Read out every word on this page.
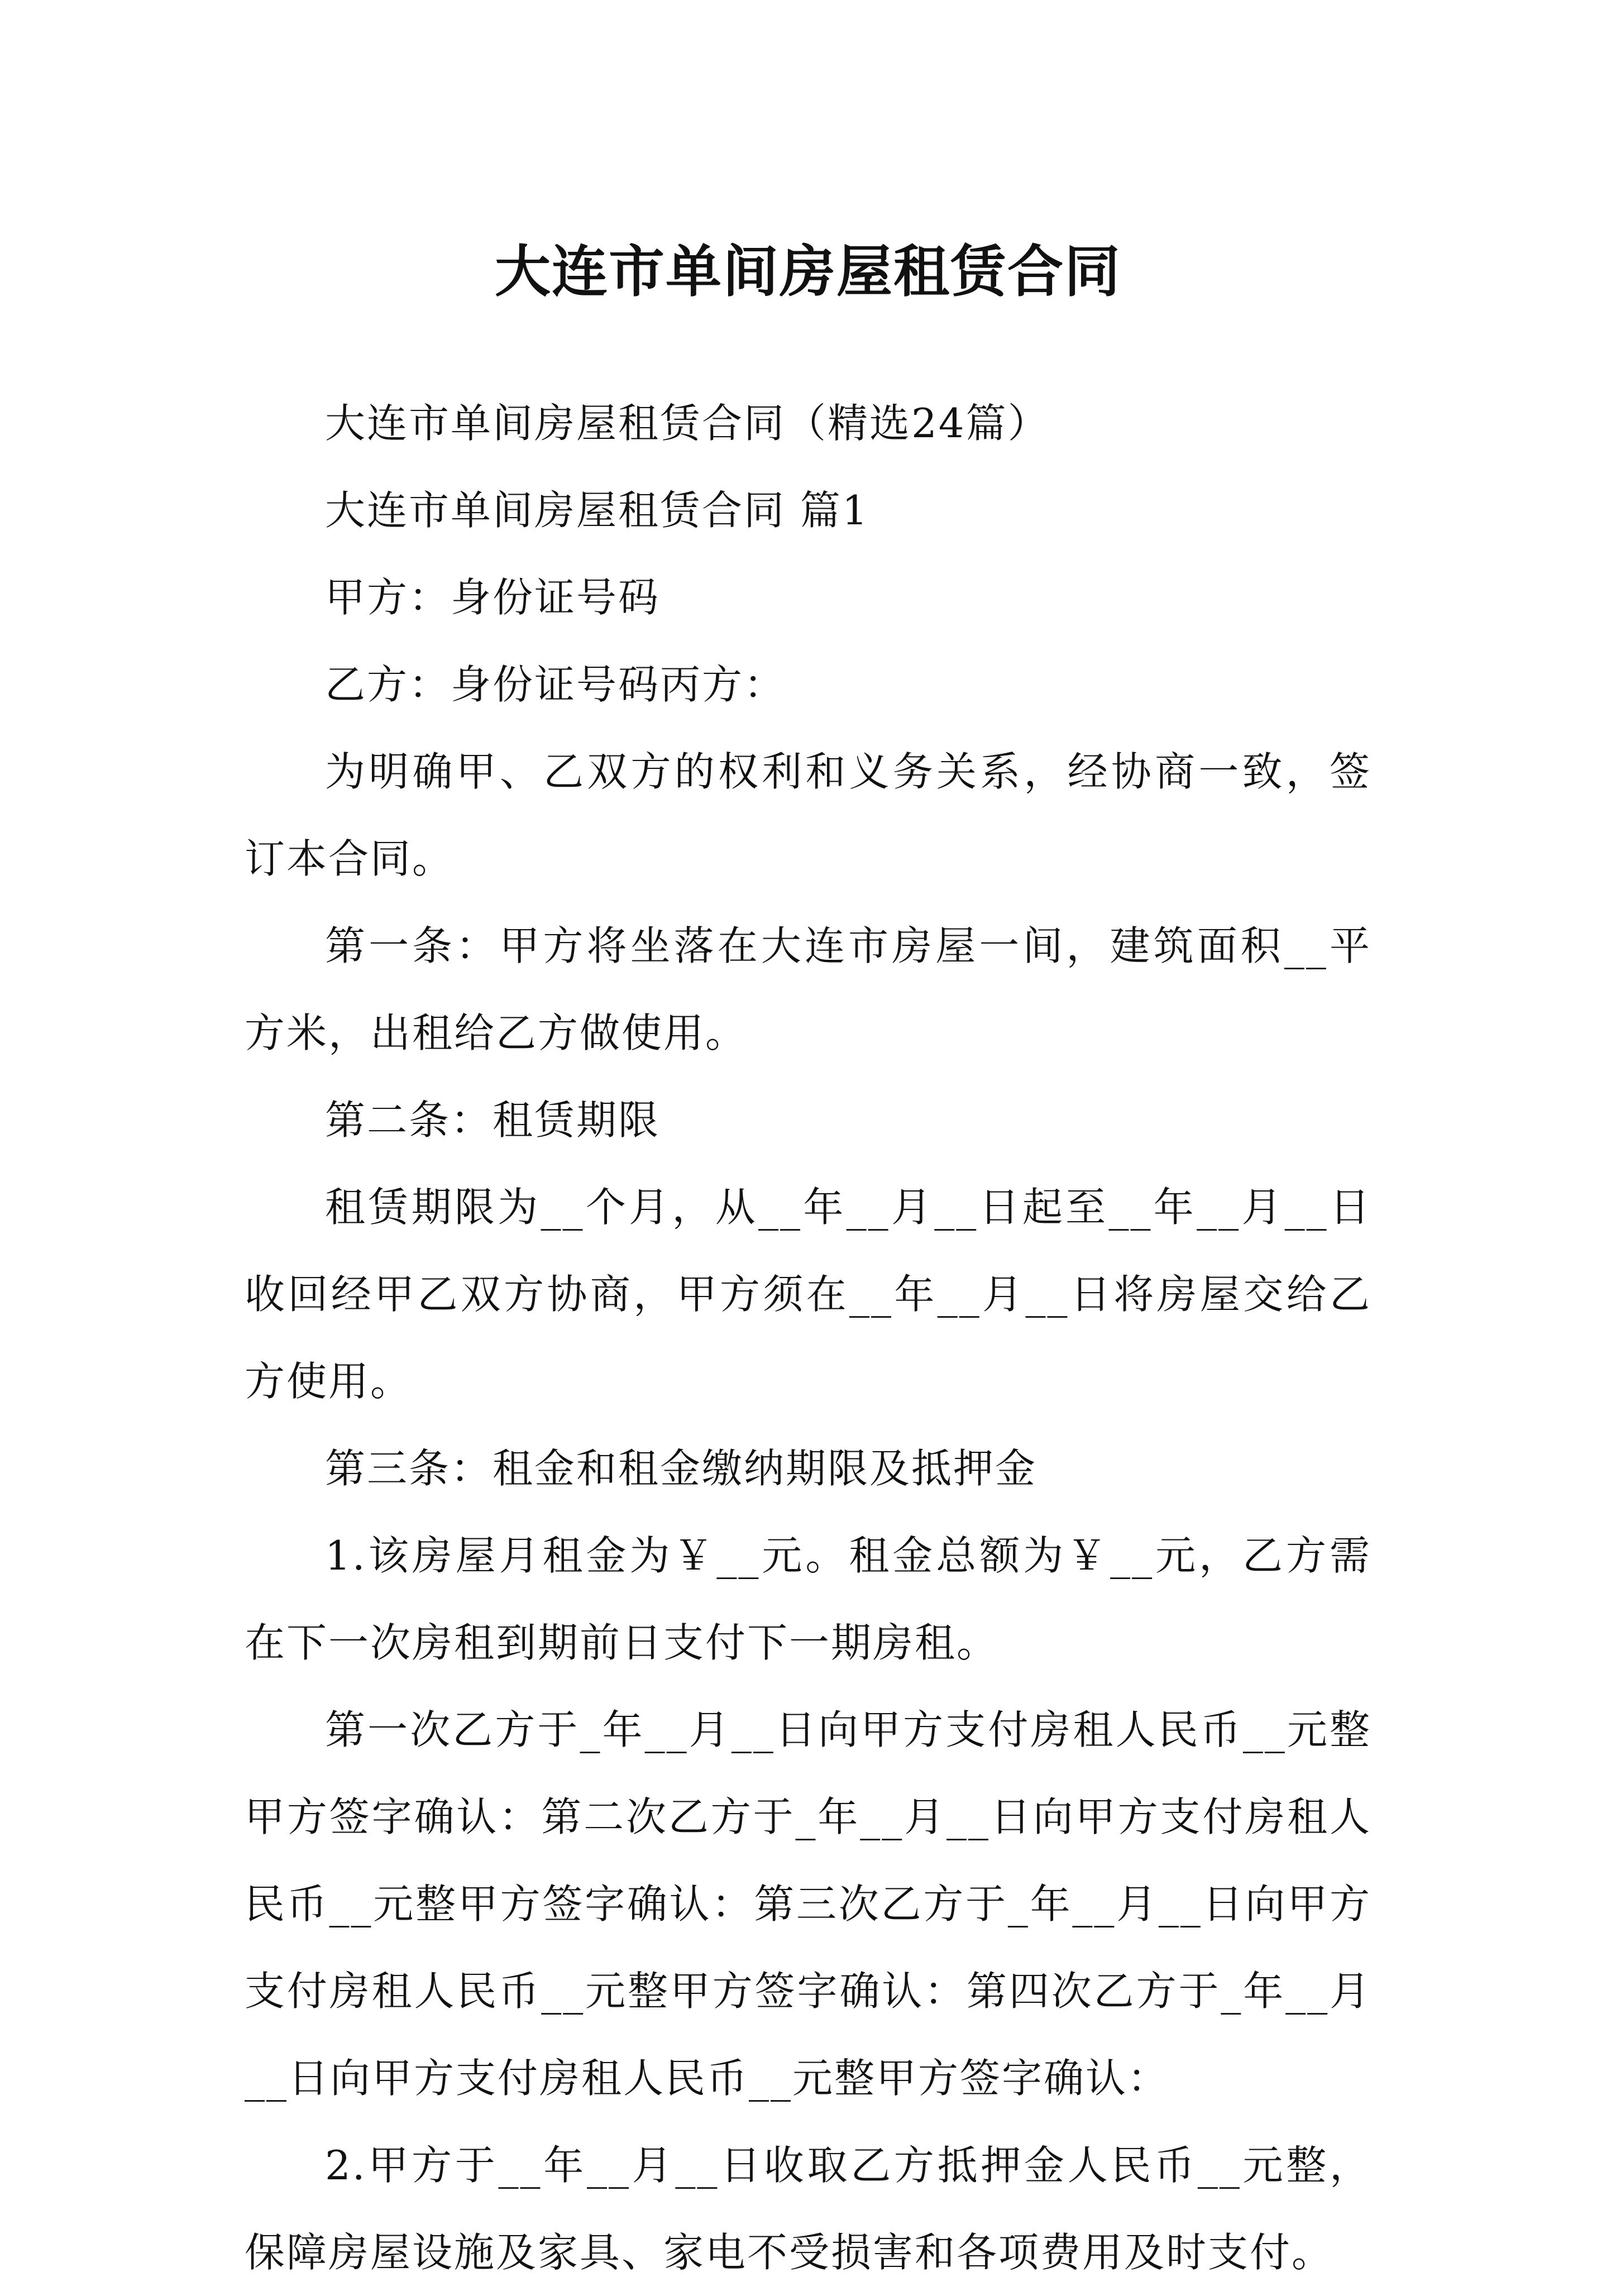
大连市单间房屋租赁合同

大连市单间房屋租赁合同（精选24篇）

大连市单间房屋租赁合同 篇1

甲方：身份证号码

乙方：身份证号码丙方：

为明确甲、乙双方的权利和义务关系，经协商一致，签订本合同。

第一条：甲方将坐落在大连市房屋一间，建筑面积__平方米，出租给乙方做使用。

第二条：租赁期限

租赁期限为__个月，从__年__月__日起至__年__月__日收回经甲乙双方协商，甲方须在__年__月__日将房屋交给乙方使用。

第三条：租金和租金缴纳期限及抵押金

1.该房屋月租金为￥__元。租金总额为￥__元，乙方需在下一次房租到期前日支付下一期房租。

第一次乙方于_年__月__日向甲方支付房租人民币__元整甲方签字确认：第二次乙方于_年__月__日向甲方支付房租人民币__元整甲方签字确认：第三次乙方于_年__月__日向甲方支付房租人民币__元整甲方签字确认：第四次乙方于_年__月__日向甲方支付房租人民币__元整甲方签字确认：

2.甲方于__年__月__日收取乙方抵押金人民币__元整，保障房屋设施及家具、家电不受损害和各项费用及时支付。
